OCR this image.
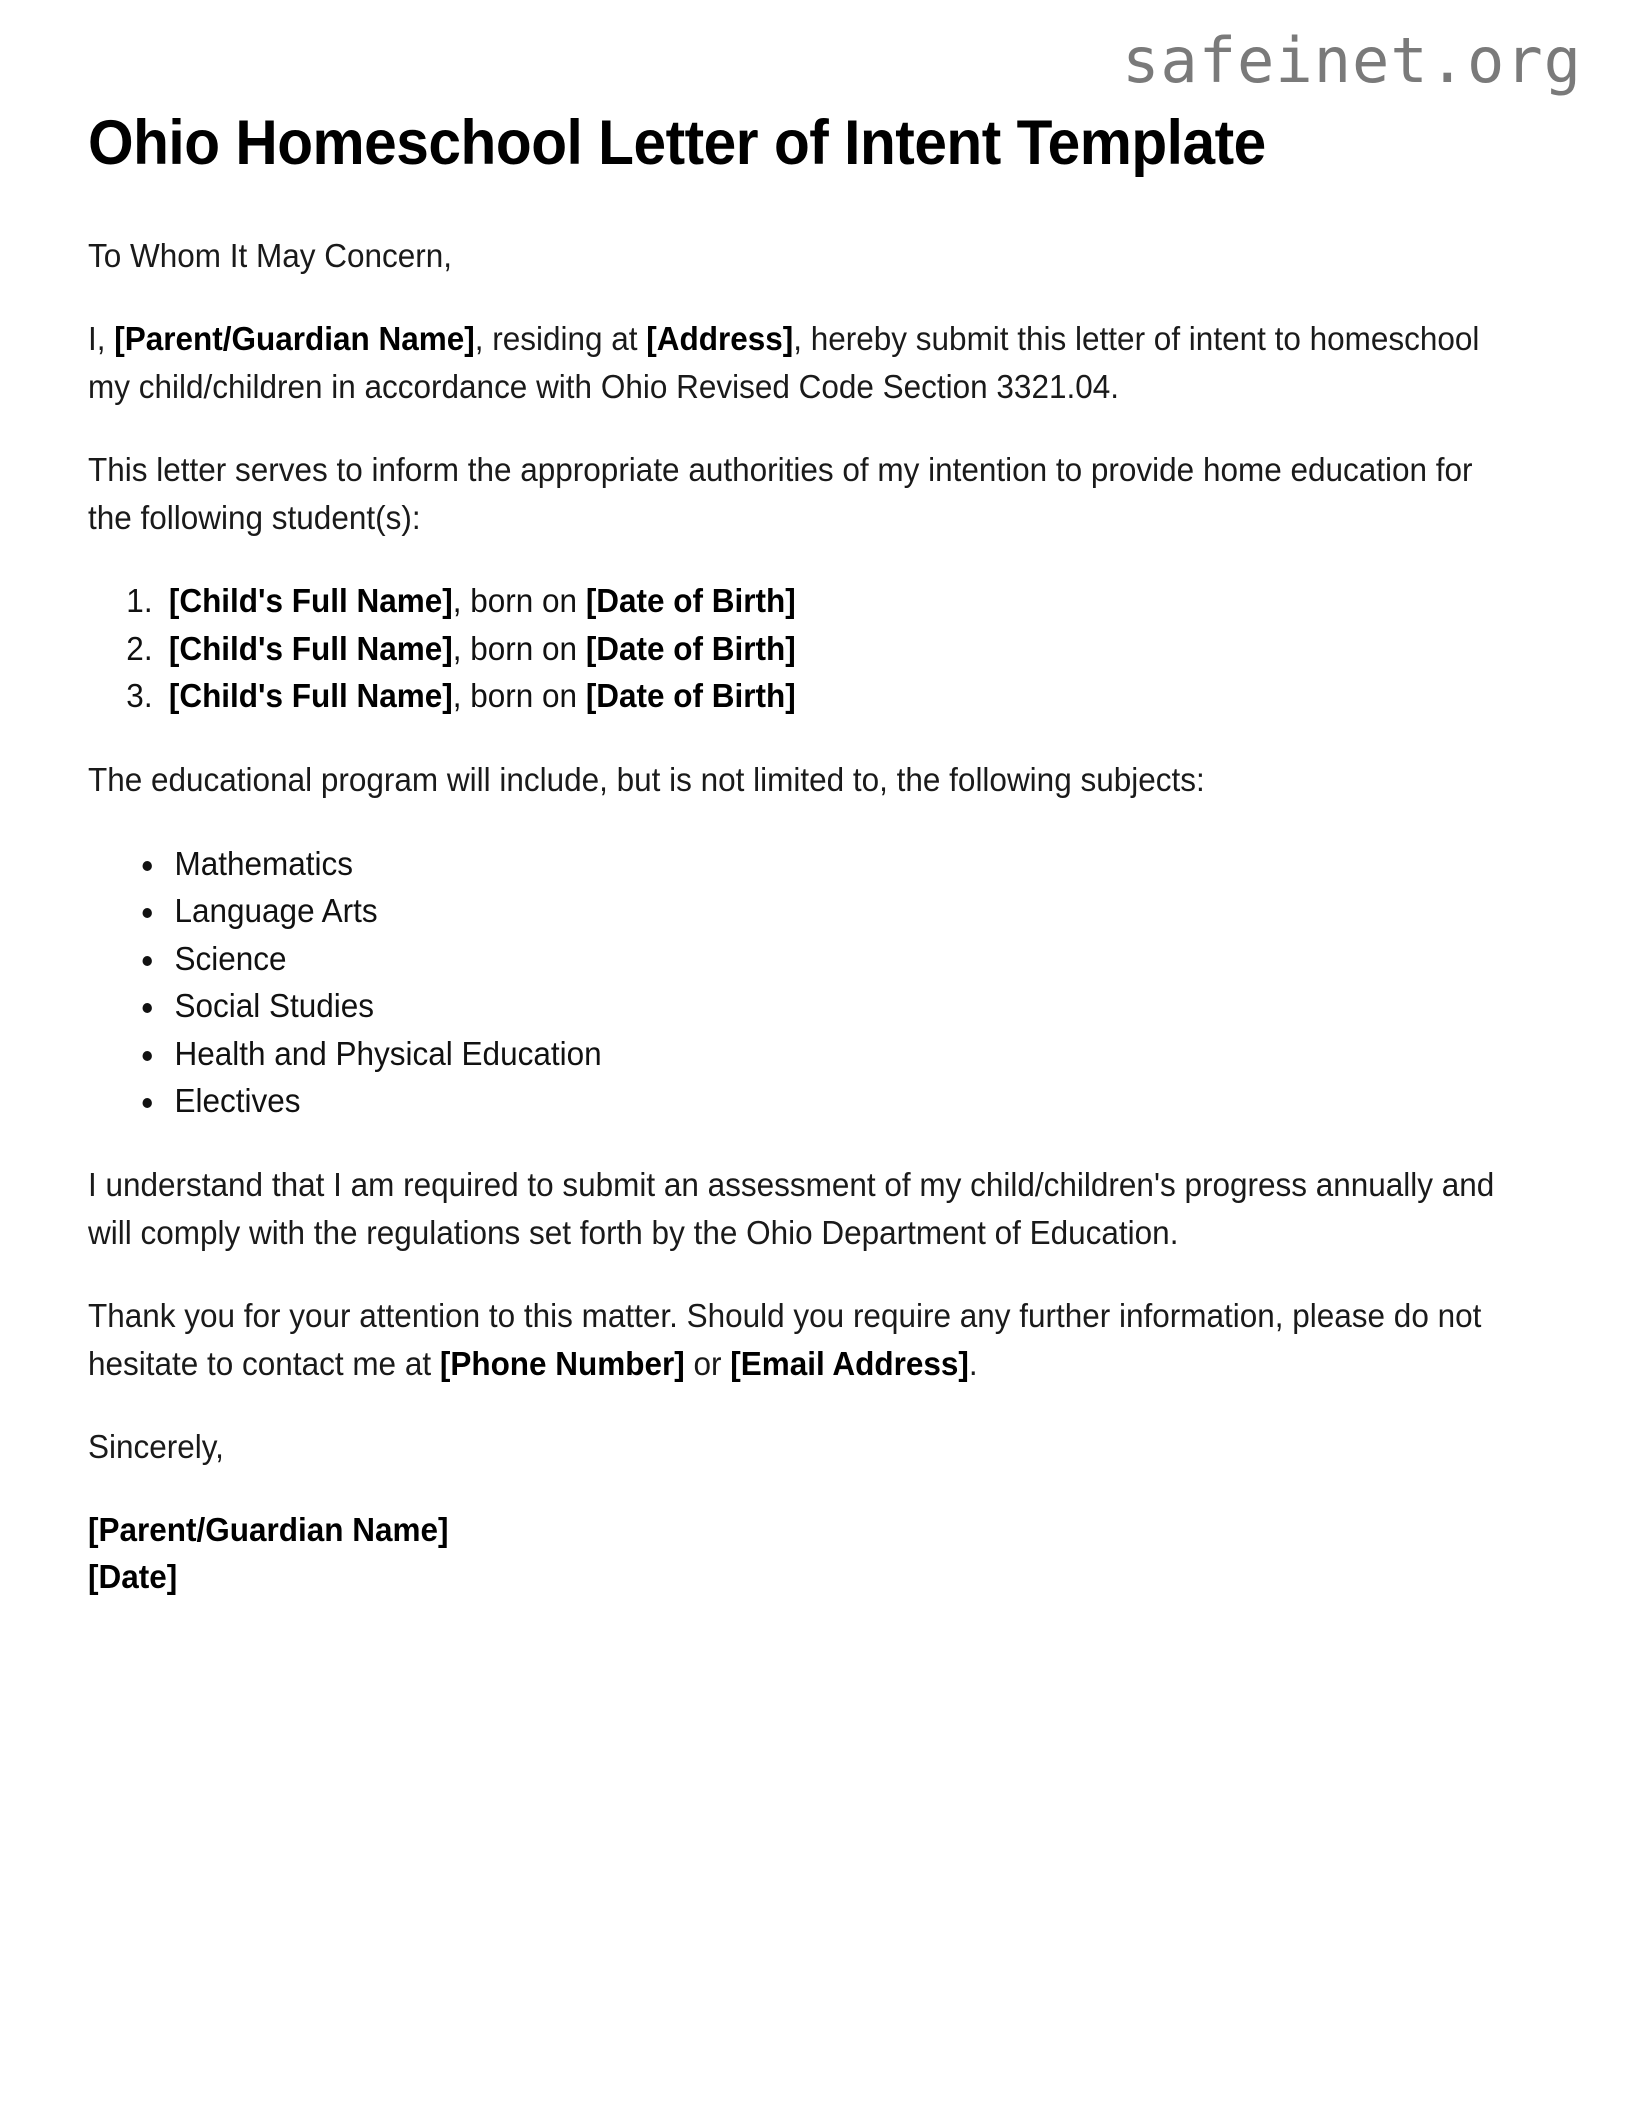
safeinet.org
Ohio Homeschool Letter of Intent Template

To Whom It May Concern,

I, [Parent/Guardian Name], residing at [Address], hereby submit this letter of intent to homeschool my child/children in accordance with Ohio Revised Code Section 3321.04.

This letter serves to inform the appropriate authorities of my intention to provide home education for the following student(s):

1. [Child's Full Name], born on [Date of Birth]
2. [Child's Full Name], born on [Date of Birth]
3. [Child's Full Name], born on [Date of Birth]

The educational program will include, but is not limited to, the following subjects:

• Mathematics
• Language Arts
• Science
• Social Studies
• Health and Physical Education
• Electives

I understand that I am required to submit an assessment of my child/children's progress annually and will comply with the regulations set forth by the Ohio Department of Education.

Thank you for your attention to this matter. Should you require any further information, please do not hesitate to contact me at [Phone Number] or [Email Address].

Sincerely,

[Parent/Guardian Name]
[Date]
